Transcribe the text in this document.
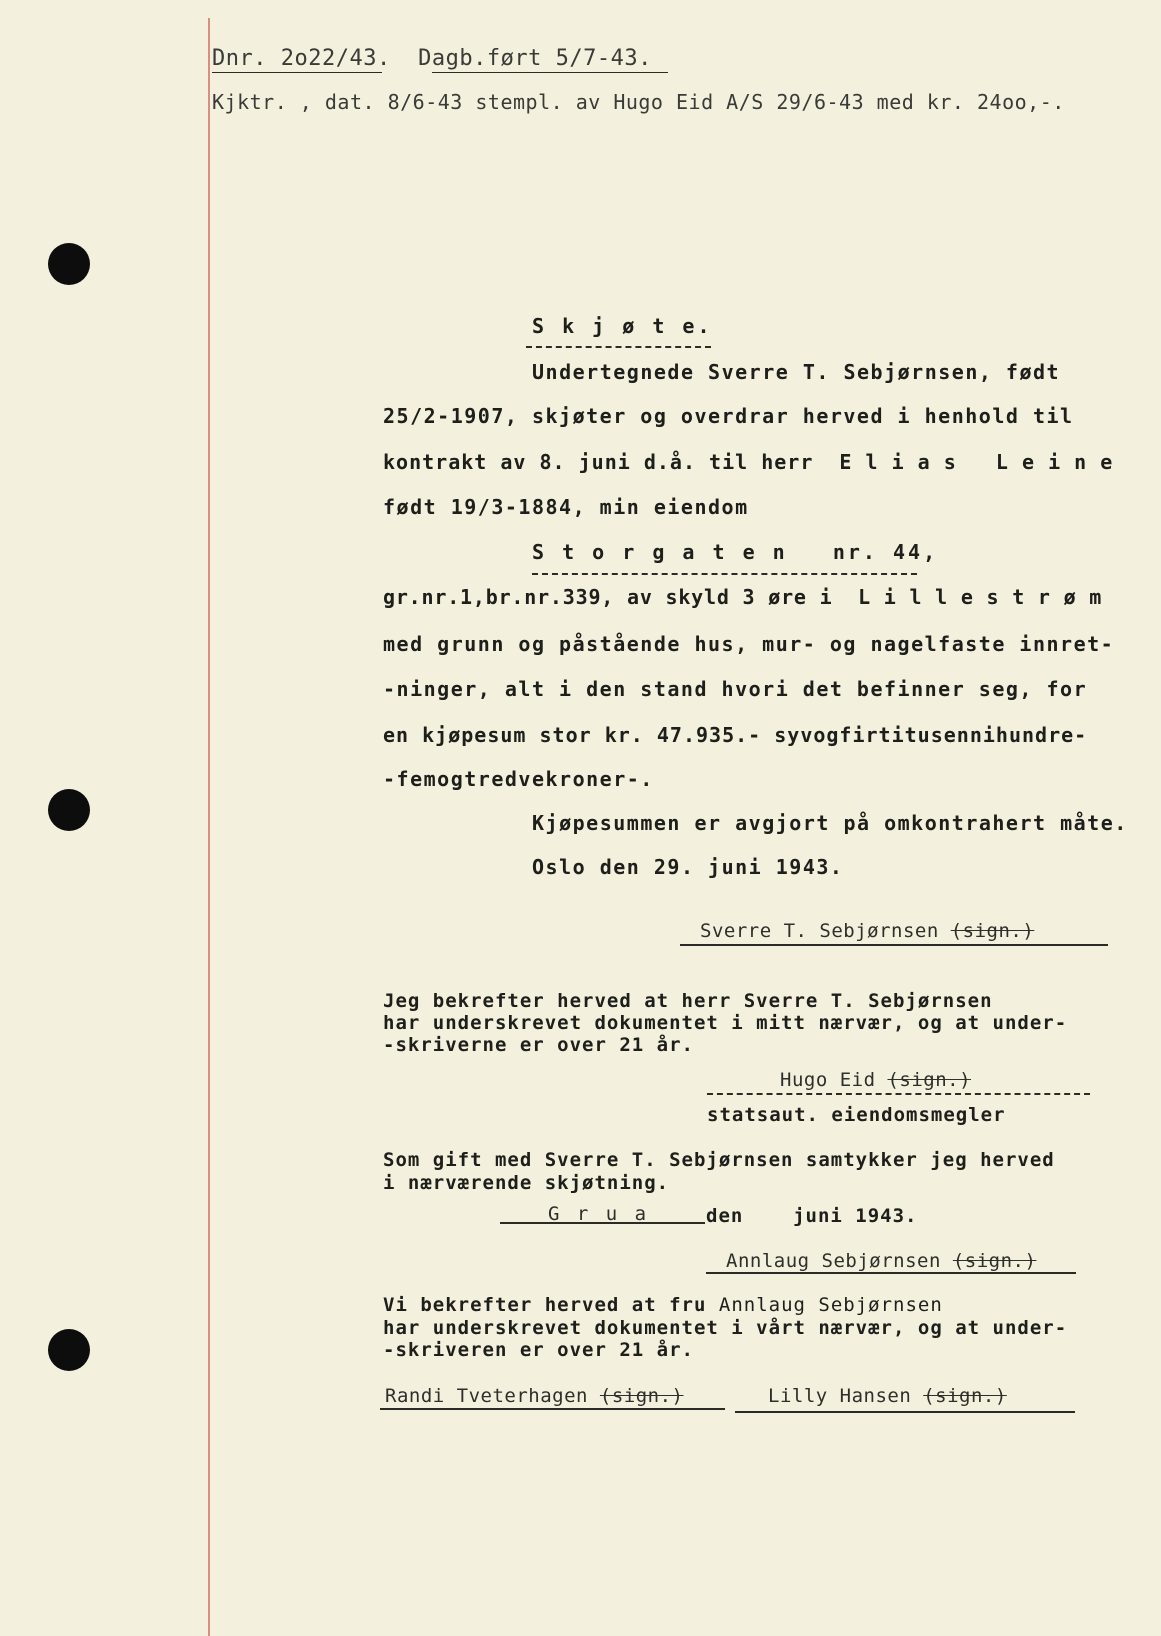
Dnr. 2o22/43.  Dagb.ført 5/7-43.
Kjktr. , dat. 8/6-43 stempl. av Hugo Eid A/S 29/6-43 med kr. 24oo,-.
S k j ø t e.
Undertegnede Sverre T. Sebjørnsen, født
25/2-1907, skjøter og overdrar herved i henhold til
kontrakt av 8. juni d.å. til herr  E l i a s   L e i n e
født 19/3-1884, min eiendom
S t o r g a t e n   nr. 44,
gr.nr.1,br.nr.339, av skyld 3 øre i  L i l l e s t r ø m
med grunn og påstående hus, mur- og nagelfaste innret-
-ninger, alt i den stand hvori det befinner seg, for
en kjøpesum stor kr. 47.935.- syvogfirtitusennihundre-
-femogtredvekroner-.
Kjøpesummen er avgjort på omkontrahert måte.
Oslo den 29. juni 1943.
Sverre T. Sebjørnsen (sign.)
Jeg bekrefter herved at herr Sverre T. Sebjørnsen
har underskrevet dokumentet i mitt nærvær, og at under-
-skriverne er over 21 år.
Hugo Eid (sign.)
statsaut. eiendomsmegler
Som gift med Sverre T. Sebjørnsen samtykker jeg herved
i nærværende skjøtning.
G r u a	den    juni 1943.
Annlaug Sebjørnsen (sign.)
Vi bekrefter herved at fru Annlaug Sebjørnsen
har underskrevet dokumentet i vårt nærvær, og at under-
-skriveren er over 21 år.
Randi Tveterhagen (sign.)	Lilly Hansen (sign.)
